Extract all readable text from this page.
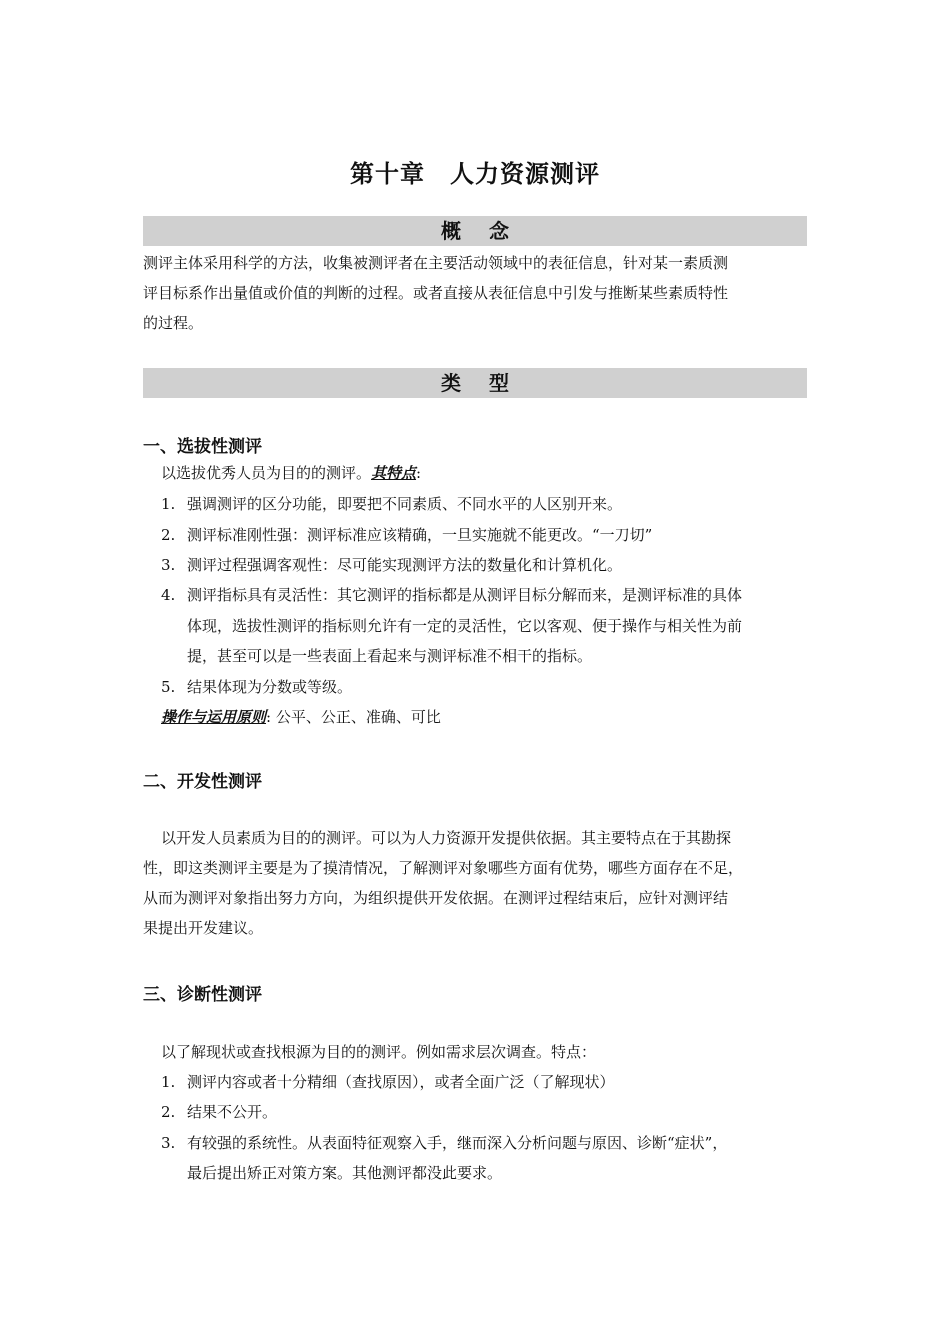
第十章　人力资源测评
概念
测评主体采用科学的方法，收集被测评者在主要活动领域中的表征信息，针对某一素质测
评目标系作出量值或价值的判断的过程。或者直接从表征信息中引发与推断某些素质特性
的过程。
类型
一、选拔性测评
以选拔优秀人员为目的的测评。其特点:
1. 强调测评的区分功能，即要把不同素质、不同水平的人区别开来。
2. 测评标准刚性强：测评标准应该精确，一旦实施就不能更改。“一刀切”
3. 测评过程强调客观性：尽可能实现测评方法的数量化和计算机化。
4. 测评指标具有灵活性：其它测评的指标都是从测评目标分解而来，是测评标准的具体
体现，选拔性测评的指标则允许有一定的灵活性，它以客观、便于操作与相关性为前
提，甚至可以是一些表面上看起来与测评标准不相干的指标。
5. 结果体现为分数或等级。
操作与运用原则: 公平、公正、准确、可比
二、开发性测评
以开发人员素质为目的的测评。可以为人力资源开发提供依据。其主要特点在于其勘探
性，即这类测评主要是为了摸清情况，了解测评对象哪些方面有优势，哪些方面存在不足，
从而为测评对象指出努力方向，为组织提供开发依据。在测评过程结束后，应针对测评结
果提出开发建议。
三、诊断性测评
以了解现状或查找根源为目的的测评。例如需求层次调查。特点：
1. 测评内容或者十分精细（查找原因），或者全面广泛（了解现状）
2. 结果不公开。
3. 有较强的系统性。从表面特征观察入手，继而深入分析问题与原因、诊断“症状”，
最后提出矫正对策方案。其他测评都没此要求。
